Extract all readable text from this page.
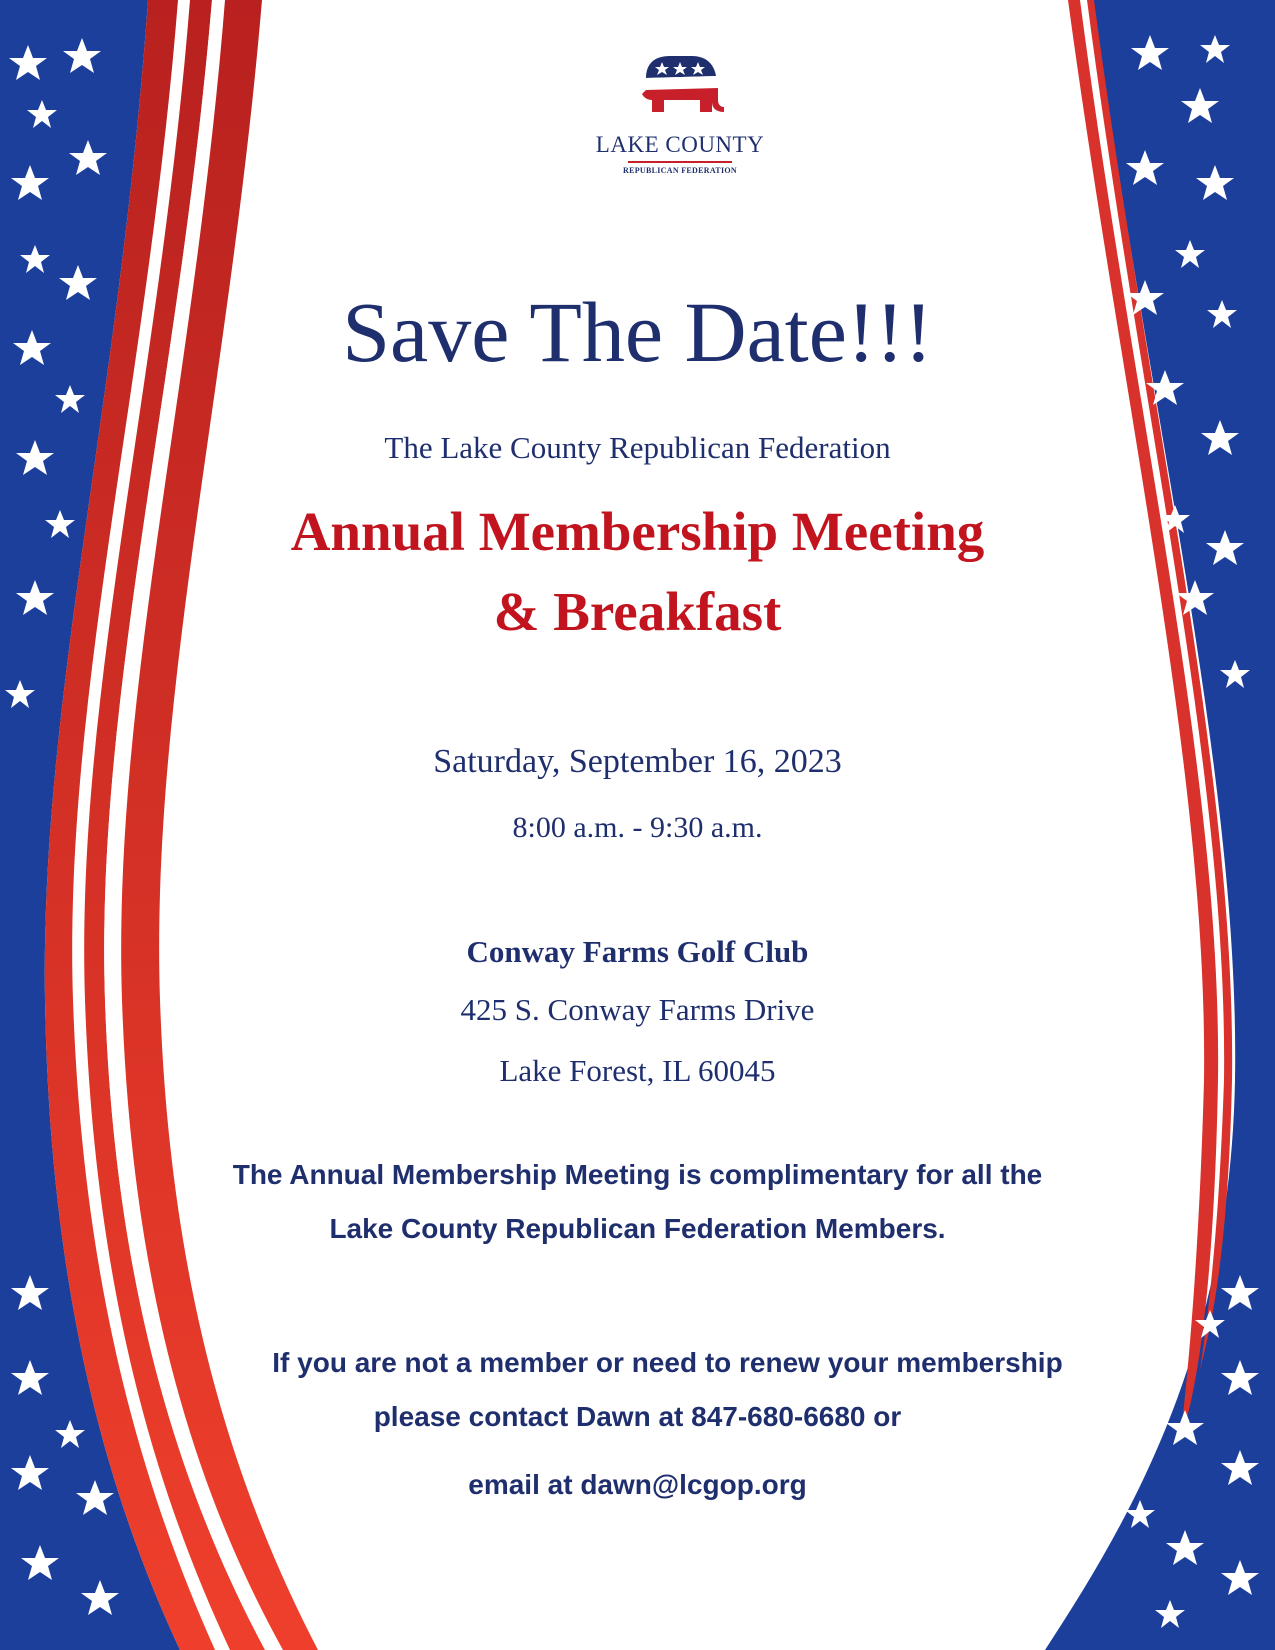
LAKE COUNTY
REPUBLICAN FEDERATION
Save The Date!!!

The Lake County Republican Federation

Annual Membership Meeting
& Breakfast

Saturday, September 16, 2023

8:00 a.m. - 9:30 a.m.

Conway Farms Golf Club

425 S. Conway Farms Drive

Lake Forest, IL 60045

The Annual Membership Meeting is complimentary for all the

Lake County Republican Federation Members.

If you are not a member or need to renew your membership

please contact Dawn at 847-680-6680 or

email at dawn@lcgop.org
